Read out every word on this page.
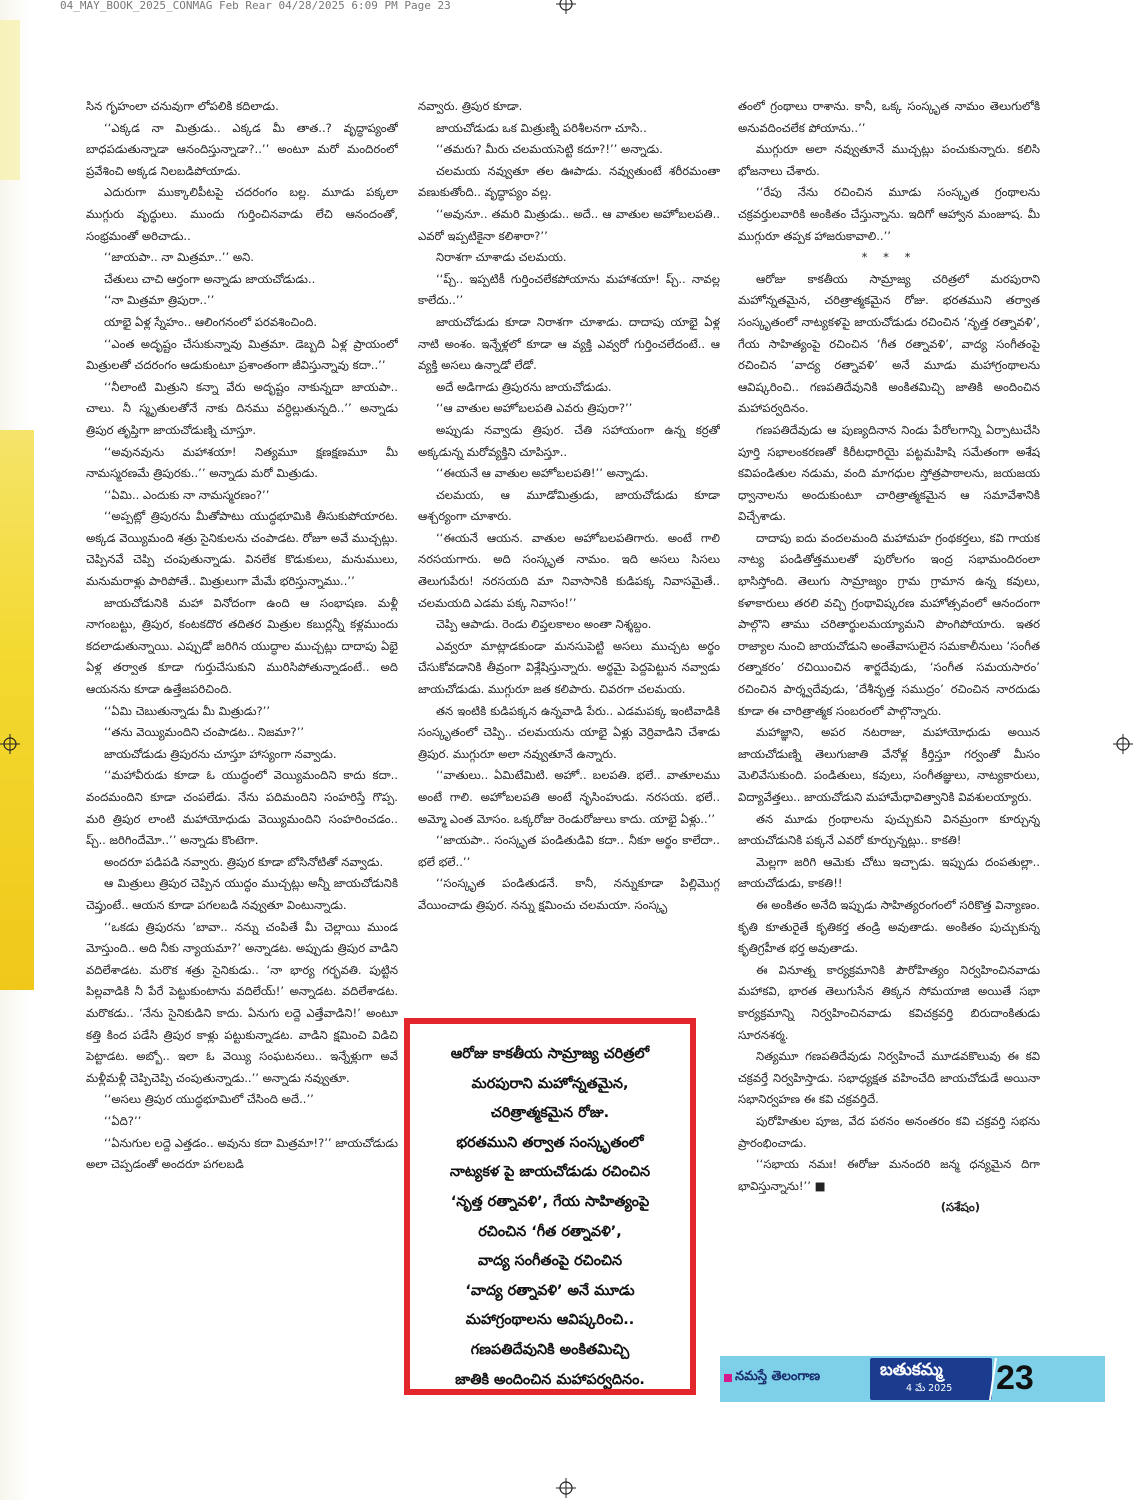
04_MAY_BOOK_2025_CONMAG Feb Rear 04/28/2025 6:09 PM Page 23

సిన గృహంలా చనువుగా లోపలికి కదిలాడు.

‘‘ఎక్కడ నా మిత్రుడు.. ఎక్కడ మీ తాత..? వృద్ధాప్యంతో బాధపడుతున్నాడా ఆనందిస్తున్నాడా?..’’ అంటూ మరో మందిరంలో ప్రవేశించి అక్కడ నిలబడిపోయాడు.

ఎదురుగా ముక్కాలిపీటపై చదరంగం బల్ల. మూడు పక్కలా ముగ్గురు వృద్ధులు. ముందు గుర్తించినవాడు లేచి ఆనందంతో, సంభ్రమంతో అరిచాడు..

‘‘జాయపా.. నా మిత్రమా..’’ అని.

చేతులు చాచి ఆర్తంగా అన్నాడు జాయచోడుడు..

‘‘నా మిత్రమా త్రిపురా..’’

యాభై ఏళ్ల స్నేహం.. ఆలింగనంలో పరవశించింది.

‘‘ఎంత అదృష్టం చేసుకున్నావు మిత్రమా. డెబ్బది ఏళ్ల ప్రాయంలో మిత్రులతో చదరంగం ఆడుకుంటూ ప్రశాంతంగా జీవిస్తున్నావు కదా..’’

‘‘నీలాంటి మిత్రుని కన్నా వేరు అదృష్టం నాకున్నదా జాయపా.. చాలు. నీ స్మృతులతోనే నాకు దినము వర్ధిల్లుతున్నది..’’ అన్నాడు త్రిపుర తృప్తిగా జాయచోడుణ్ని చూస్తూ.

‘‘అవునవును మహాశయా! నిత్యమూ క్షణక్షణమూ మీ నామస్మరణమే త్రిపురకు..’’ అన్నాడు మరో మిత్రుడు.

‘‘ఏమి.. ఎందుకు నా నామస్మరణం?’’

‘‘అప్పట్లో త్రిపురను మీతోపాటు యుద్ధభూమికి తీసుకుపోయారట. అక్కడ వెయ్యిమంది శత్రు సైనికులను చంపాడట. రోజూ అవే ముచ్చట్లు. చెప్పినవే చెప్పి చంపుతున్నాడు. వినలేక కొడుకులు, మనుములు, మనుమరాళ్లు పారిపోతే.. మిత్రులుగా మేమే భరిస్తున్నాము..’’

జాయచోడునికి మహా వినోదంగా ఉంది ఆ సంభాషణ. మళ్లీ నాగంబట్టు, త్రిపుర, కంటకదొర తదితర మిత్రుల కబుర్లన్నీ కళ్లముందు కదలాడుతున్నాయి. ఎప్పుడో జరిగిన యుద్ధాల ముచ్చట్లు దాదాపు ఏభై ఏళ్ల తర్వాత కూడా గుర్తుచేసుకుని మురిసిపోతున్నాడంటే.. అది ఆయనను కూడా ఉత్తేజపరిచింది.

‘‘ఏమి చెబుతున్నాడు మీ మిత్రుడు?’’

‘‘తను వెయ్యిమందిని చంపాడట.. నిజమా?’’

జాయచోడుడు త్రిపురను చూస్తూ హాస్యంగా నవ్వాడు.

‘‘మహావీరుడు కూడా ఓ యుద్ధంలో వెయ్యిమందిని కాదు కదా.. వందమందిని కూడా చంపలేడు. నేను పదిమందిని సంహరిస్తే గొప్ప. మరి త్రిపుర లాంటి మహాయోధుడు వెయ్యిమందిని సంహరించడం.. ప్చ్.. జరిగిందేమో..’’ అన్నాడు కొంటెగా.

అందరూ పడిపడి నవ్వారు. త్రిపుర కూడా బోసినోటితో నవ్వాడు.

ఆ మిత్రులు త్రిపుర చెప్పిన యుద్ధం ముచ్చట్లు అన్నీ జాయచోడునికి చెప్తుంటే.. ఆయన కూడా పగలబడి నవ్వుతూ వింటున్నాడు.

‘‘ఒకడు త్రిపురను ‘బావా.. నన్ను చంపితే మీ చెల్లాయి ముండ మోస్తుంది.. అది నీకు న్యాయమా?’ అన్నాడట. అప్పుడు త్రిపుర వాడిని వదిలేశాడట. మరొక శత్రు సైనికుడు.. ‘నా భార్య గర్భవతి. పుట్టిన పిల్లవాడికి నీ పేరే పెట్టుకుంటాను వదిలేయ్!’ అన్నాడట. వదిలేశాడట. మరొకడు.. ‘నేను సైనికుడిని కాదు. ఏనుగు లద్దె ఎత్తేవాడిని!’ అంటూ కత్తి కింద పడేసి త్రిపుర కాళ్లు పట్టుకున్నాడట. వాడిని క్షమించి విడిచి పెట్టాడట. అబ్బో.. ఇలా ఓ వెయ్యి సంఘటనలు.. ఇన్నేళ్లుగా అవే మళ్లీమళ్లీ చెప్పిచెప్పి చంపుతున్నాడు..’’ అన్నాడు నవ్వుతూ.

‘‘అసలు త్రిపుర యుద్ధభూమిలో చేసింది అదే..’’

‘‘ఏది?’’

‘‘ఏనుగుల లద్దె ఎత్తడం.. అవును కదా మిత్రమా!?’’ జాయచోడుడు అలా చెప్పడంతో అందరూ పగలబడి

నవ్వారు. త్రిపుర కూడా.

జాయచోడుడు ఒక మిత్రుణ్ని పరిశీలనగా చూసి..

‘‘తమరు? మీరు చలమయసెట్టి కదూ?!’’ అన్నాడు.

చలమయ నవ్వుతూ తల ఊపాడు. నవ్వుతుంటే శరీరమంతా వణుకుతోంది.. వృద్ధాప్యం వల్ల.

‘‘అవునూ.. తమరి మిత్రుడు.. అదే.. ఆ వాతుల అహోబలపతి.. ఎవరో ఇప్పటికైనా కలిశారా?’’

నిరాశగా చూశాడు చలమయ.

‘‘ప్చ్.. ఇప్పటికీ గుర్తించలేకపోయాను మహాశయా! ప్చ్.. నావల్ల కాలేదు..’’

జాయచోడుడు కూడా నిరాశగా చూశాడు. దాదాపు యాభై ఏళ్ల నాటి అంశం. ఇన్నేళ్లలో కూడా ఆ వ్యక్తి ఎవ్వరో గుర్తించలేదంటే.. ఆ వ్యక్తి అసలు ఉన్నాడో లేడో.

అదే అడిగాడు త్రిపురను జాయచోడుడు.

‘‘ఆ వాతుల అహోబలపతి ఎవరు త్రిపురా?’’

అప్పుడు నవ్వాడు త్రిపుర. చేతి సహాయంగా ఉన్న కర్రతో అక్కడున్న మరోవ్యక్తిని చూపిస్తూ..

‘‘ఈయనే ఆ వాతుల అహోబలపతి!’’ అన్నాడు.

చలమయ, ఆ మూడోమిత్రుడు, జాయచోడుడు కూడా ఆశ్చర్యంగా చూశారు.

‘‘ఈయనే ఆయన. వాతుల అహోబలపతిగారు. అంటే గాలి నరసయగారు. అది సంస్కృత నామం. ఇది అసలు సిసలు తెలుగుపేరు! నరసయది మా నివాసానికి కుడిపక్క నివాసమైతే.. చలమయది ఎడమ పక్క నివాసం!’’

చెప్పి ఆపాడు. రెండు లిప్తలకాలం అంతా నిశ్శబ్దం.

ఎవ్వరూ మాట్లాడకుండా మనసుపెట్టి అసలు ముచ్చట అర్థం చేసుకోవడానికి తీవ్రంగా విశ్లేషిస్తున్నారు. అర్థమై పెద్దపెట్టున నవ్వాడు జాయచోడుడు. ముగ్గురూ జత కలిపారు. చివరగా చలమయ.

తన ఇంటికి కుడిపక్కన ఉన్నవాడి పేరు.. ఎడమపక్క ఇంటివాడికి సంస్కృతంలో చెప్పి.. చలమయను యాభై ఏళ్లు వెర్రివాడిని చేశాడు త్రిపుర. ముగ్గురూ అలా నవ్వుతూనే ఉన్నారు.

‘‘వాతులు.. ఏమిటేమిటి. అహో.. బలపతి. భలే.. వాతూలము అంటే గాలి. అహోబలపతి అంటే నృసింహుడు. నరసయ. భలే.. అమ్మో ఎంత మోసం. ఒక్కరోజు రెండురోజులు కాదు. యాభై ఏళ్లు..’’

‘‘జాయపా.. సంస్కృత పండితుడివి కదా.. నీకూ అర్థం కాలేదా.. భలే భలే..’’

‘‘సంస్కృత పండితుడనే. కానీ, నన్నుకూడా పిల్లిమొగ్గ వేయించాడు త్రిపుర. నన్ను క్షమించు చలమయా. సంస్కృ

తంలో గ్రంథాలు రాశాను. కానీ, ఒక్క సంస్కృత నామం తెలుగులోకి అనువదించలేక పోయాను..’’

ముగ్గురూ అలా నవ్వుతూనే ముచ్చట్లు పంచుకున్నారు. కలిసి భోజనాలు చేశారు.

‘‘రేపు నేను రచించిన మూడు సంస్కృత గ్రంథాలను చక్రవర్తులవారికి అంకితం చేస్తున్నాను. ఇదిగో ఆహ్వాన మంజూష. మీ ముగ్గురూ తప్పక హాజరుకావాలి..’’

* * *

ఆరోజు కాకతీయ సామ్రాజ్య చరిత్రలో మరపురాని మహోన్నతమైన, చరిత్రాత్మకమైన రోజు. భరతముని తర్వాత సంస్కృతంలో నాట్యకళపై జాయచోడుడు రచించిన ‘నృత్త రత్నావళి’, గేయ సాహిత్యంపై రచించిన ‘గీత రత్నావళి’, వాద్య సంగీతంపై రచించిన ‘వాద్య రత్నావళి’ అనే మూడు మహాగ్రంథాలను ఆవిష్కరించి.. గణపతిదేవునికి అంకితమిచ్చి జాతికి అందించిన మహాపర్వదినం.

గణపతిదేవుడు ఆ పుణ్యదినాన నిండు పేరోలగాన్ని ఏర్పాటుచేసి పూర్తి సభాలంకరణతో కిరీటధారియై పట్టమహిషి సమేతంగా అశేష కవిపండితుల నడుమ, వంది మాగధుల స్తోత్రపాఠాలను, జయజయ ధ్వానాలను అందుకుంటూ చారిత్రాత్మకమైన ఆ సమావేశానికి విచ్చేశాడు.

దాదాపు ఐదు వందలమంది మహామహ గ్రంథకర్తలు, కవి గాయక నాట్య పండితోత్తములతో పురోలగం ఇంద్ర సభామందిరంలా భాసిస్తోంది. తెలుగు సామ్రాజ్యం గ్రామ గ్రామాన ఉన్న కవులు, కళాకారులు తరలి వచ్చి గ్రంథావిష్కరణ మహోత్సవంలో ఆనందంగా పాల్గొని తాము చరితార్థులమయ్యామని పొంగిపోయారు. ఇతర రాజ్యాల నుంచి జాయచోడుని అంతేవాసులైన సమకాలీనులు ‘సంగీత రత్నాకరం’ రచియించిన శార్ఙదేవుడు, ‘సంగీత సమయసారం’ రచించిన పార్శ్వదేవుడు, ‘దేశీనృత్త సముద్రం’ రచించిన నారదుడు కూడా ఈ చారిత్రాత్మక సంబరంలో పాల్గొన్నారు.

మహాజ్ఞాని, అపర నటరాజు, మహాయోధుడు అయిన జాయచోడుణ్ని తెలుగుజాతి వేనోళ్ల కీర్తిస్తూ గర్వంతో మీసం మెలివేసుకుంది. పండితులు, కవులు, సంగీతజ్ఞులు, నాట్యకారులు, విద్యావేత్తలు.. జాయచోడుని మహామేధావిత్వానికి వివశులయ్యారు.

తన మూడు గ్రంథాలను పుచ్చుకుని వినమ్రంగా కూర్చున్న జాయచోడునికి పక్కనే ఎవరో కూర్చున్నట్లు.. కాకతి!

మెల్లగా జరిగి ఆమెకు చోటు ఇచ్చాడు. ఇప్పుడు దంపతుల్లా.. జాయచోడుడు, కాకతి!!

ఈ అంకితం అనేది ఇప్పుడు సాహిత్యరంగంలో సరికొత్త విన్యాణం. కృతి కూతురైతే కృతికర్త తండ్రి అవుతాడు. అంకితం పుచ్చుకున్న కృతిగ్రహీత భర్త అవుతాడు.

ఈ వినూత్న కార్యక్రమానికి పౌరోహిత్యం నిర్వహించినవాడు మహాకవి, భారత తెలుగుసేన తిక్కన సోమయాజి అయితే సభా కార్యక్రమాన్ని నిర్వహించినవాడు కవిచక్రవర్తి బిరుదాంకితుడు సూరనశర్మ.

నిత్యమూ గణపతిదేవుడు నిర్వహించే మూడవకొలువు ఈ కవి చక్రవర్తే నిర్వహిస్తాడు. సభాధ్యక్షత వహించేది జాయచోడుడే అయినా సభానిర్వహణ ఈ కవి చక్రవర్తిదే.

పురోహితుల పూజ, వేద పఠనం అనంతరం కవి చక్రవర్తి సభను ప్రారంభించాడు.

‘‘సభాయ నమః! ఈరోజు మనందరి జన్మ ధన్యమైన దిగా భావిస్తున్నాను!’’ ■

(సశేషం)

ఆరోజు కాకతీయ సామ్రాజ్య చరిత్రలో
మరపురాని మహోన్నతమైన,
చరిత్రాత్మకమైన రోజు.
భరతముని తర్వాత సంస్కృతంలో
నాట్యకళ పై జాయచోడుడు రచించిన
‘నృత్త రత్నావళి’, గేయ సాహిత్యంపై
రచించిన ‘గీత రత్నావళి’,
వాద్య సంగీతంపై రచించిన
‘వాద్య రత్నావళి’ అనే మూడు
మహాగ్రంథాలను ఆవిష్కరించి..
గణపతిదేవునికి అంకితమిచ్చి
జాతికి అందించిన మహాపర్వదినం.	నమస్తే తెలంగాణ	బతుకమ్మ
4 మే 2025 23
